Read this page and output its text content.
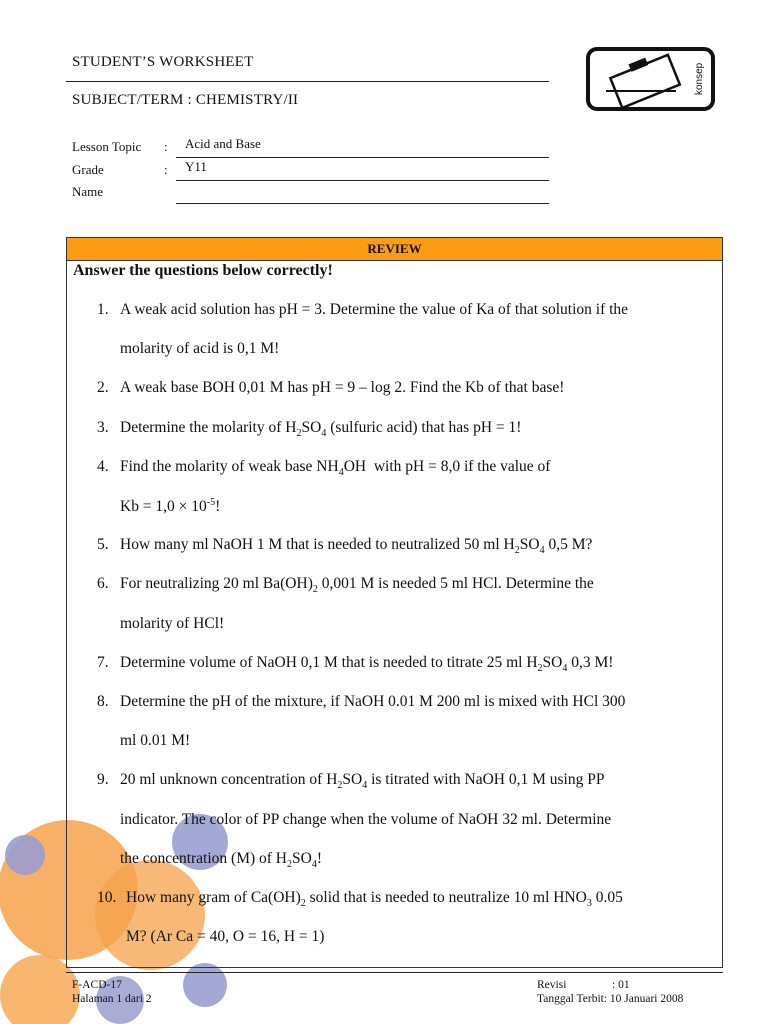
STUDENT’S WORKSHEET
SUBJECT/TERM : CHEMISTRY/II
konsep
Lesson Topic : Acid and Base
Grade	: Y11
Name
REVIEW
Answer the questions below correctly!
1. A weak acid solution has pH = 3. Determine the value of Ka of that solution if the
molarity of acid is 0,1 M!
2. A weak base BOH 0,01 M has pH = 9 – log 2. Find the Kb of that base!
3. Determine the molarity of $H_2SO_4$ (sulfuric acid) that has pH = 1!
4. Find the molarity of weak base $NH_4OH$  with pH = 8,0 if the value of
$Kb = 1,0 \times 10^{-5}$!
5. How many ml NaOH 1 M that is needed to neutralized 50 ml $H_2SO_4$ 0,5 M?
6. For neutralizing 20 ml $Ba(OH)_2$ 0,001 M is needed 5 ml HCl. Determine the
molarity of HCl!
7. Determine volume of NaOH 0,1 M that is needed to titrate 25 ml $H_2SO_4$ 0,3 M!
8. Determine the pH of the mixture, if NaOH 0.01 M 200 ml is mixed with HCl 300
ml 0.01 M!
9. 20 ml unknown concentration of $H_2SO_4$ is titrated with NaOH 0,1 M using PP
indicator. The color of PP change when the volume of NaOH 32 ml. Determine
the concentration (M) of $H_2SO_4$!
10. How many gram of $Ca(OH)_2$ solid that is needed to neutralize 10 ml $HNO_3$ 0.05
M? (Ar Ca = 40, O = 16, H = 1)
F-ACD-17
Halaman 1 dari 2
Revisi	: 01
Tanggal Terbit: 10 Januari 2008
